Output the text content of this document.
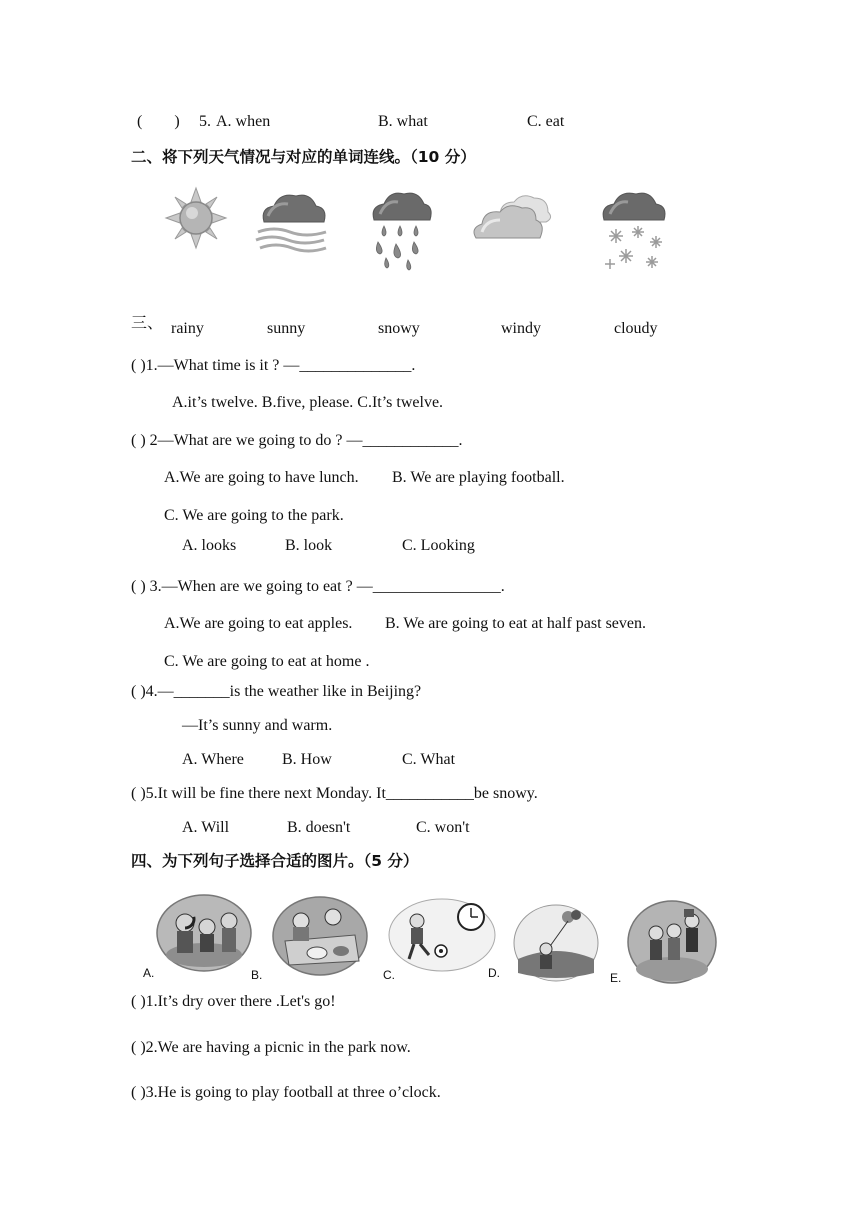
(　　) 5. A. when	B. what	C. eat
二、将下列天气情况与对应的单词连线。（10 分）
三、 rainy	sunny	snowy	windy	cloudy
( )1.—What time is it ? —______________.
A.it’s twelve. B.five, please. C.It’s twelve.
( ) 2—What are we going to do ? —____________.
A.We are going to have lunch. B. We are playing football.
C. We are going to the park.
A. looks	B. look	C. Looking
( ) 3.—When are we going to eat ? —________________.
A.We are going to eat apples. B. We are going to eat at half past seven.
C. We are going to eat at home .
( )4.—_______is the weather like in Beijing?
—It’s sunny and warm.
A. Where B. How	C. What
( )5.It will be fine there next Monday. It___________be snowy.
A. Will	B. doesn't	C. won't
四、为下列句子选择合适的图片。（5 分）
A.	B.	C.	D.	E.
( )1.It’s dry over there .Let's go!
( )2.We are having a picnic in the park now.
( )3.He is going to play football at three o’clock.
